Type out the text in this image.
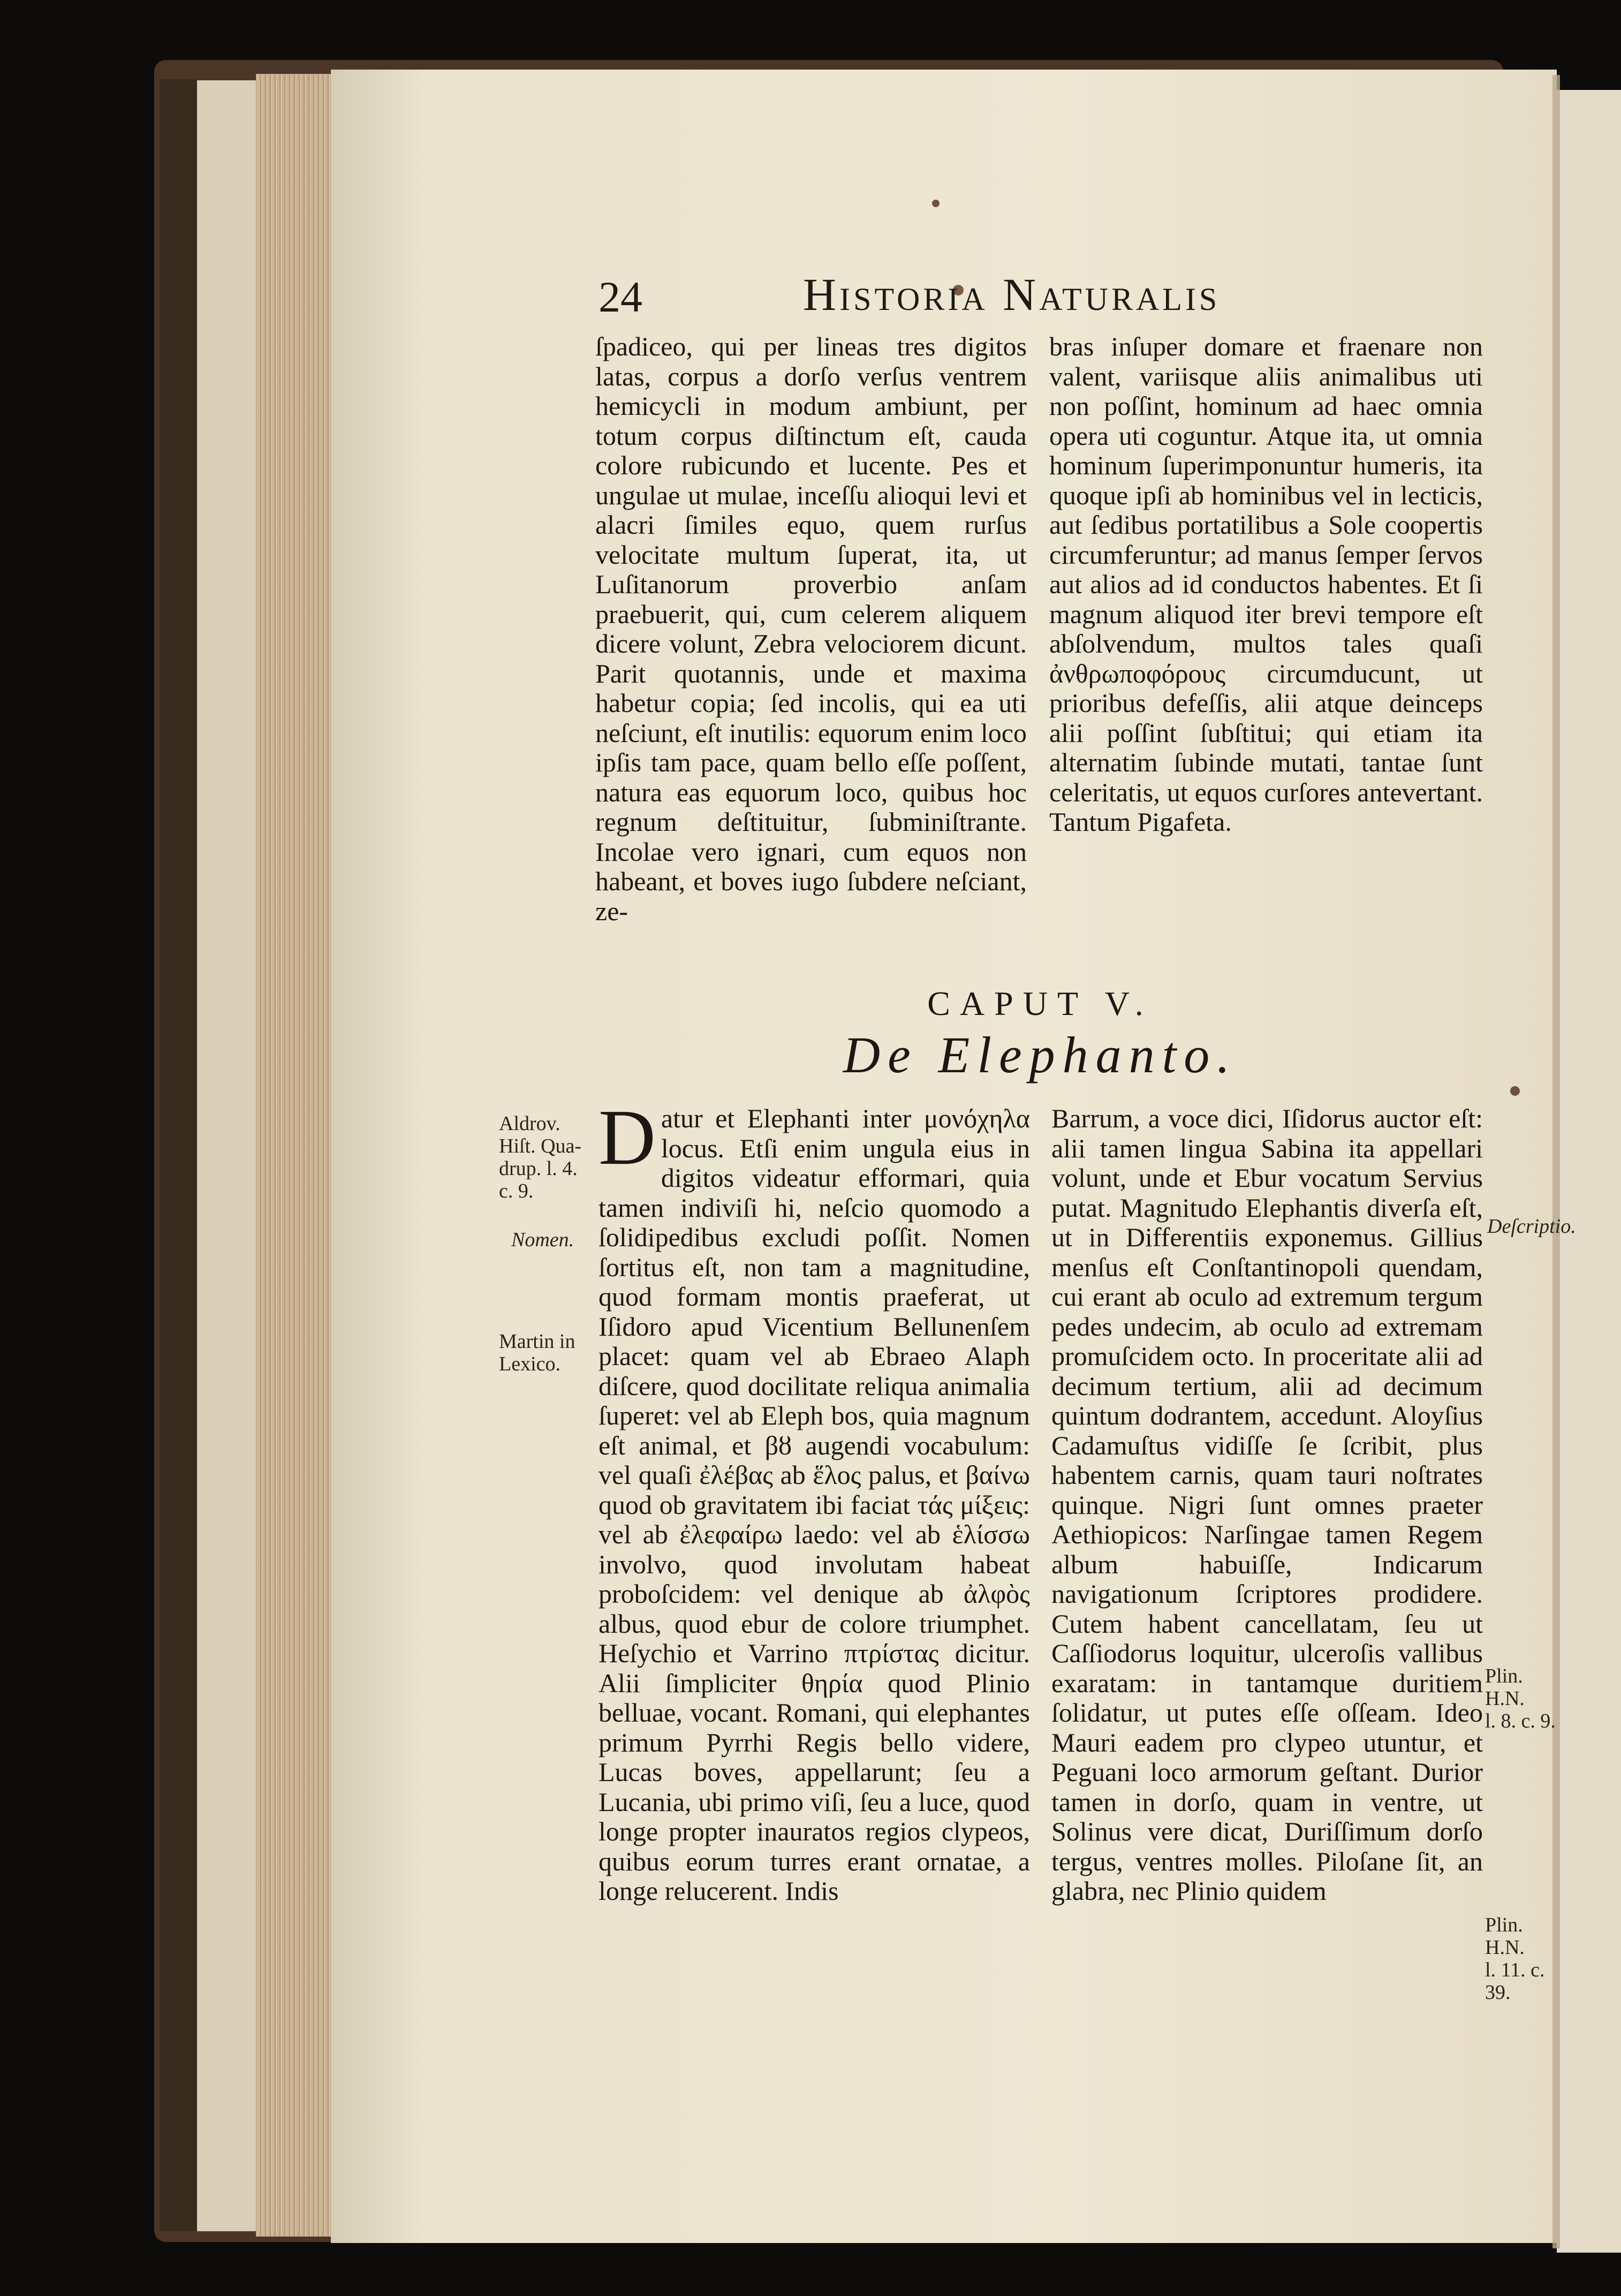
24	Historia Naturalis

ſpadiceo, qui per lineas tres digitos latas, corpus a dorſo verſus ventrem hemicycli in modum ambiunt, per totum corpus diſtinctum eſt, cauda colore rubicundo et lucente. Pes et ungulae ut mulae, inceſſu alioqui levi et alacri ſimiles equo, quem rurſus velocitate multum ſuperat, ita, ut Luſitanorum proverbio anſam praebuerit, qui, cum celerem aliquem dicere volunt, Zebra velociorem dicunt. Parit quotannis, unde et maxima habetur copia; ſed incolis, qui ea uti neſciunt, eſt inutilis: equorum enim loco ipſis tam pace, quam bello eſſe poſſent, natura eas equorum loco, quibus hoc regnum deſtituitur, ſubminiſtrante. Incolae vero ignari, cum equos non habeant, et boves iugo ſubdere neſciant, ze-

bras inſuper domare et fraenare non valent, variisque aliis animalibus uti non poſſint, hominum ad haec omnia opera uti coguntur. Atque ita, ut omnia hominum ſuperimponuntur humeris, ita quoque ipſi ab hominibus vel in lecticis, aut ſedibus portatilibus a Sole coopertis circumferuntur; ad manus ſemper ſervos aut alios ad id conductos habentes. Et ſi magnum aliquod iter brevi tempore eſt abſolvendum, multos tales quaſi ἀνθρωποφόρους circumducunt, ut prioribus defeſſis, alii atque deinceps alii poſſint ſubſtitui; qui etiam ita alternatim ſubinde mutati, tantae ſunt celeritatis, ut equos curſores antevertant. Tantum Pigafeta.

CAPUT V.
De Elephanto.
D atur et Elephanti inter μονόχηλα locus. Etſi enim ungula eius in digitos videatur efformari, quia tamen indiviſi hi, neſcio quomodo a ſolidipedibus excludi poſſit. Nomen ſortitus eſt, non tam a magnitudine, quod formam montis praeferat, ut Iſidoro apud Vicentium Bellunenſem placet: quam vel ab Ebraeo Alaph diſcere, quod docilitate reliqua animalia ſuperet: vel ab Eleph bos, quia magnum eſt animal, et βȣ augendi vocabulum: vel quaſi ἐλέβας ab ἕλος palus, et βαίνω quod ob gravitatem ibi faciat τάς μίξεις: vel ab ἐλεφαίρω laedo: vel ab ἑλίσσω involvo, quod involutam habeat proboſcidem: vel denique ab ἀλφὸς albus, quod ebur de colore triumphet. Heſychio et Varrino πτρίστας dicitur. Alii ſimpliciter θηρία quod Plinio belluae, vocant. Romani, qui elephantes primum Pyrrhi Regis bello videre, Lucas boves, appellarunt; ſeu a Lucania, ubi primo viſi, ſeu a luce, quod longe propter inauratos regios clypeos, quibus eorum turres erant ornatae, a longe relucerent. Indis

Barrum, a voce dici, Iſidorus auctor eſt: alii tamen lingua Sabina ita appellari volunt, unde et Ebur vocatum Servius putat. Magnitudo Elephantis diverſa eſt, ut in Differentiis exponemus. Gillius menſus eſt Conſtantinopoli quendam, cui erant ab oculo ad extremum tergum pedes undecim, ab oculo ad extremam promuſcidem octo. In proceritate alii ad decimum tertium, alii ad decimum quintum dodrantem, accedunt. Aloyſius Cadamuſtus vidiſſe ſe ſcribit, plus habentem carnis, quam tauri noſtrates quinque. Nigri ſunt omnes praeter Aethiopicos: Narſingae tamen Regem album habuiſſe, Indicarum navigationum ſcriptores prodidere. Cutem habent cancellatam, ſeu ut Caſſiodorus loquitur, ulceroſis vallibus exaratam: in tantamque duritiem ſolidatur, ut putes eſſe oſſeam. Ideo Mauri eadem pro clypeo utuntur, et Peguani loco armorum geſtant. Durior tamen in dorſo, quam in ventre, ut Solinus vere dicat, Duriſſimum dorſo tergus, ventres molles. Piloſane ſit, an glabra, nec Plinio quidem

Aldrov.
Hiſt. Qua-
drup. l. 4.
c. 9.
Nomen.
Martin in
Lexico.
Deſcriptio.
Plin. H.N.
l. 8. c. 9.
Plin. H.N.
l. 11. c. 39.
